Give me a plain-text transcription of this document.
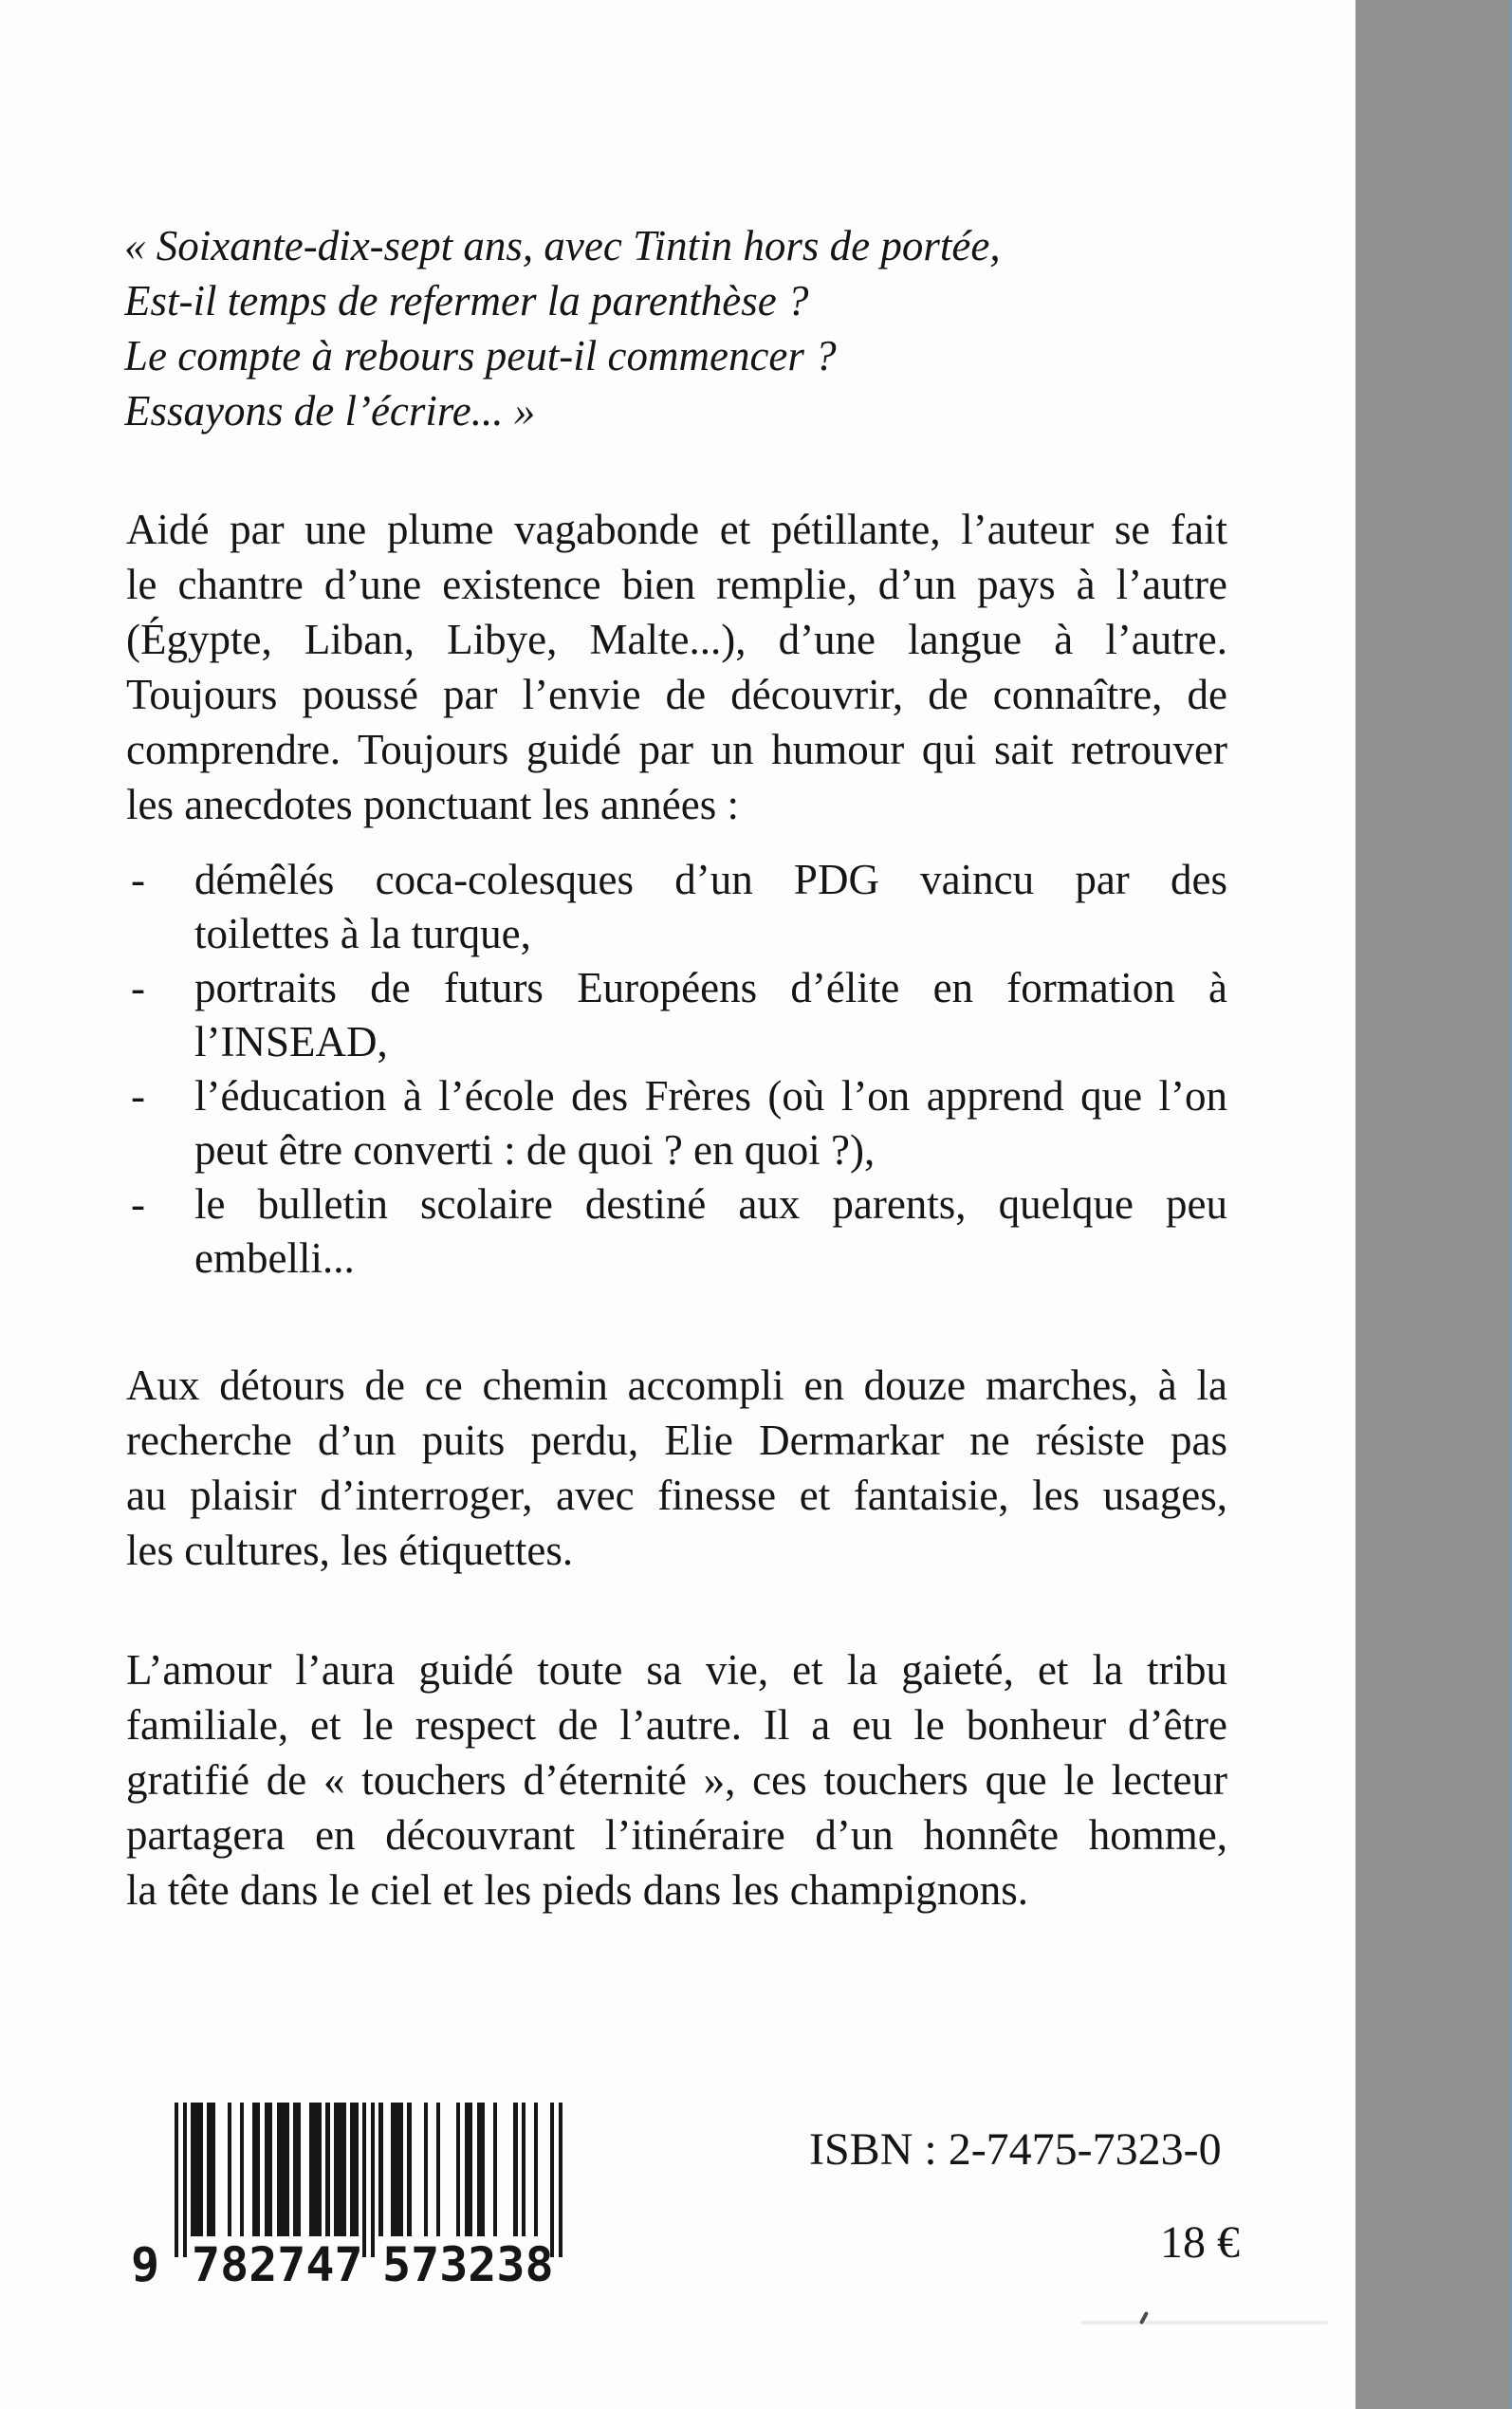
« Soixante-dix-sept ans, avec Tintin hors de portée,
Est-il temps de refermer la parenthèse ?
Le compte à rebours peut-il commencer ?
Essayons de l’écrire... »
Aidé par une plume vagabonde et pétillante, l’auteur se fait
le chantre d’une existence bien remplie, d’un pays à l’autre
(Égypte, Liban, Libye, Malte...), d’une langue à l’autre.
Toujours poussé par l’envie de découvrir, de connaître, de
comprendre. Toujours guidé par un humour qui sait retrouver
les anecdotes ponctuant les années :
- démêlés coca-colesques d’un PDG vaincu par des
toilettes à la turque,
- portraits de futurs Européens d’élite en formation à
l’INSEAD,
- l’éducation à l’école des Frères (où l’on apprend que l’on
peut être converti : de quoi ? en quoi ?),
- le bulletin scolaire destiné aux parents, quelque peu
embelli...
Aux détours de ce chemin accompli en douze marches, à la
recherche d’un puits perdu, Elie Dermarkar ne résiste pas
au plaisir d’interroger, avec finesse et fantaisie, les usages,
les cultures, les étiquettes.
L’amour l’aura guidé toute sa vie, et la gaieté, et la tribu
familiale, et le respect de l’autre. Il a eu le bonheur d’être
gratifié de « touchers d’éternité », ces touchers que le lecteur
partagera en découvrant l’itinéraire d’un honnête homme,
la tête dans le ciel et les pieds dans les champignons.
9 782747 573238
ISBN : 2-7475-7323-0
18 €
